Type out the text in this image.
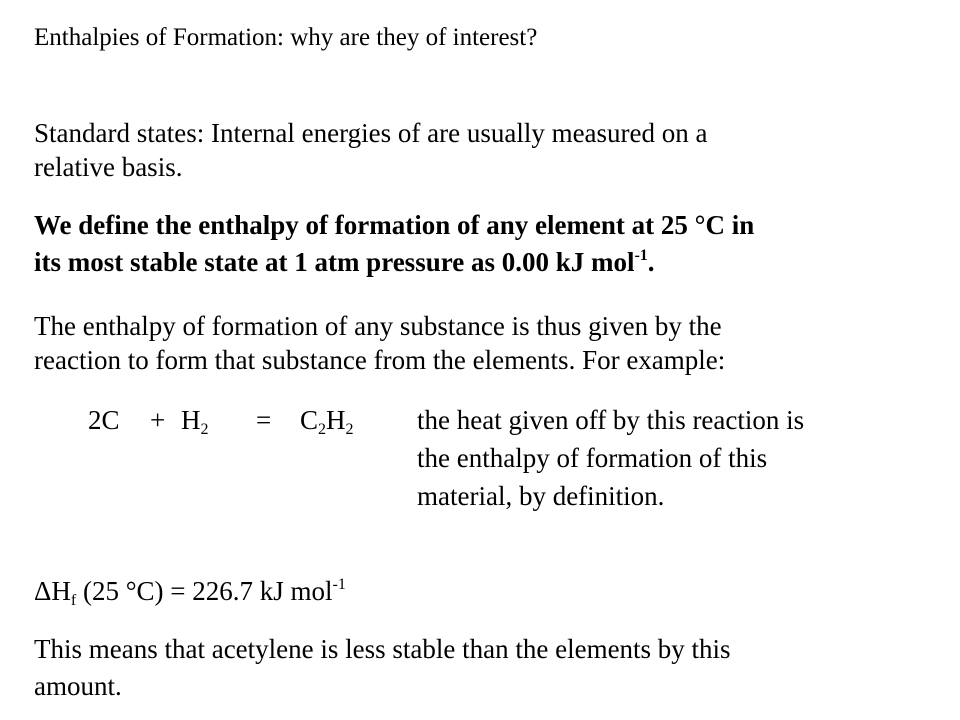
Enthalpies of Formation: why are they of interest?
Standard states: Internal energies of are usually measured on a
relative basis.
We define the enthalpy of formation of any element at 25 °C in
its most stable state at 1 atm pressure as 0.00 kJ mol$^{-1}$.
The enthalpy of formation of any substance is thus given by the
reaction to form that substance from the elements. For example:
$2C + H_2 = C_2H_2$ the heat given off by this reaction is
the enthalpy of formation of this
material, by definition.
$\Delta H_f$ (25 °C) = 226.7 kJ mol$^{-1}$
This means that acetylene is less stable than the elements by this
amount.
